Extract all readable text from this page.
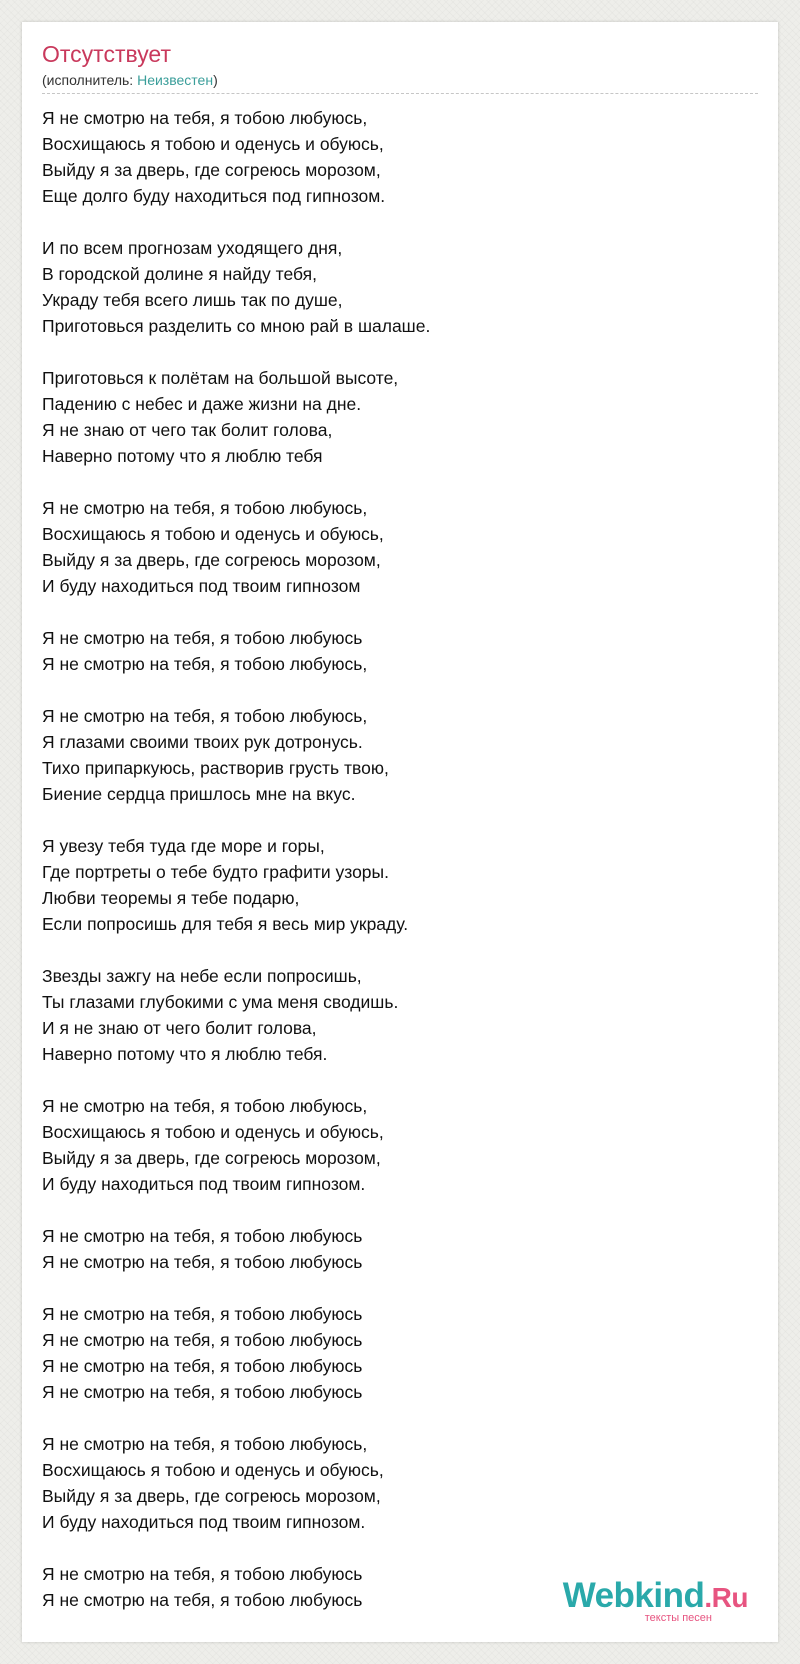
Отсутствует
(исполнитель: Неизвестен)
Я не смотрю на тебя, я тобою любуюсь,
Восхищаюсь я тобою и оденусь и обуюсь,
Выйду я за дверь, где согреюсь морозом,
Еще долго буду находиться под гипнозом.
И по всем прогнозам уходящего дня,
В городской долине я найду тебя,
Украду тебя всего лишь так по душе,
Приготовься разделить со мною рай в шалаше.
Приготовься к полётам на большой высоте,
Падению с небес и даже жизни на дне.
Я не знаю от чего так болит голова,
Наверно потому что я люблю тебя
Я не смотрю на тебя, я тобою любуюсь,
Восхищаюсь я тобою и оденусь и обуюсь,
Выйду я за дверь, где согреюсь морозом,
И буду находиться под твоим гипнозом
Я не смотрю на тебя, я тобою любуюсь
Я не смотрю на тебя, я тобою любуюсь,
Я не смотрю на тебя, я тобою любуюсь,
Я глазами своими твоих рук дотронусь.
Тихо припаркуюсь, растворив грусть твою,
Биение сердца пришлось мне на вкус.
Я увезу тебя туда где море и горы,
Где портреты о тебе будто графити узоры.
Любви теоремы я тебе подарю,
Если попросишь для тебя я весь мир украду.
Звезды зажгу на небе если попросишь,
Ты глазами глубокими с ума меня сводишь.
И я не знаю от чего болит голова,
Наверно потому что я люблю тебя.
Я не смотрю на тебя, я тобою любуюсь,
Восхищаюсь я тобою и оденусь и обуюсь,
Выйду я за дверь, где согреюсь морозом,
И буду находиться под твоим гипнозом.
Я не смотрю на тебя, я тобою любуюсь
Я не смотрю на тебя, я тобою любуюсь
Я не смотрю на тебя, я тобою любуюсь
Я не смотрю на тебя, я тобою любуюсь
Я не смотрю на тебя, я тобою любуюсь
Я не смотрю на тебя, я тобою любуюсь
Я не смотрю на тебя, я тобою любуюсь,
Восхищаюсь я тобою и оденусь и обуюсь,
Выйду я за дверь, где согреюсь морозом,
И буду находиться под твоим гипнозом.
Я не смотрю на тебя, я тобою любуюсь
Я не смотрю на тебя, я тобою любуюсь	Webkind.Ru
тексты песен
